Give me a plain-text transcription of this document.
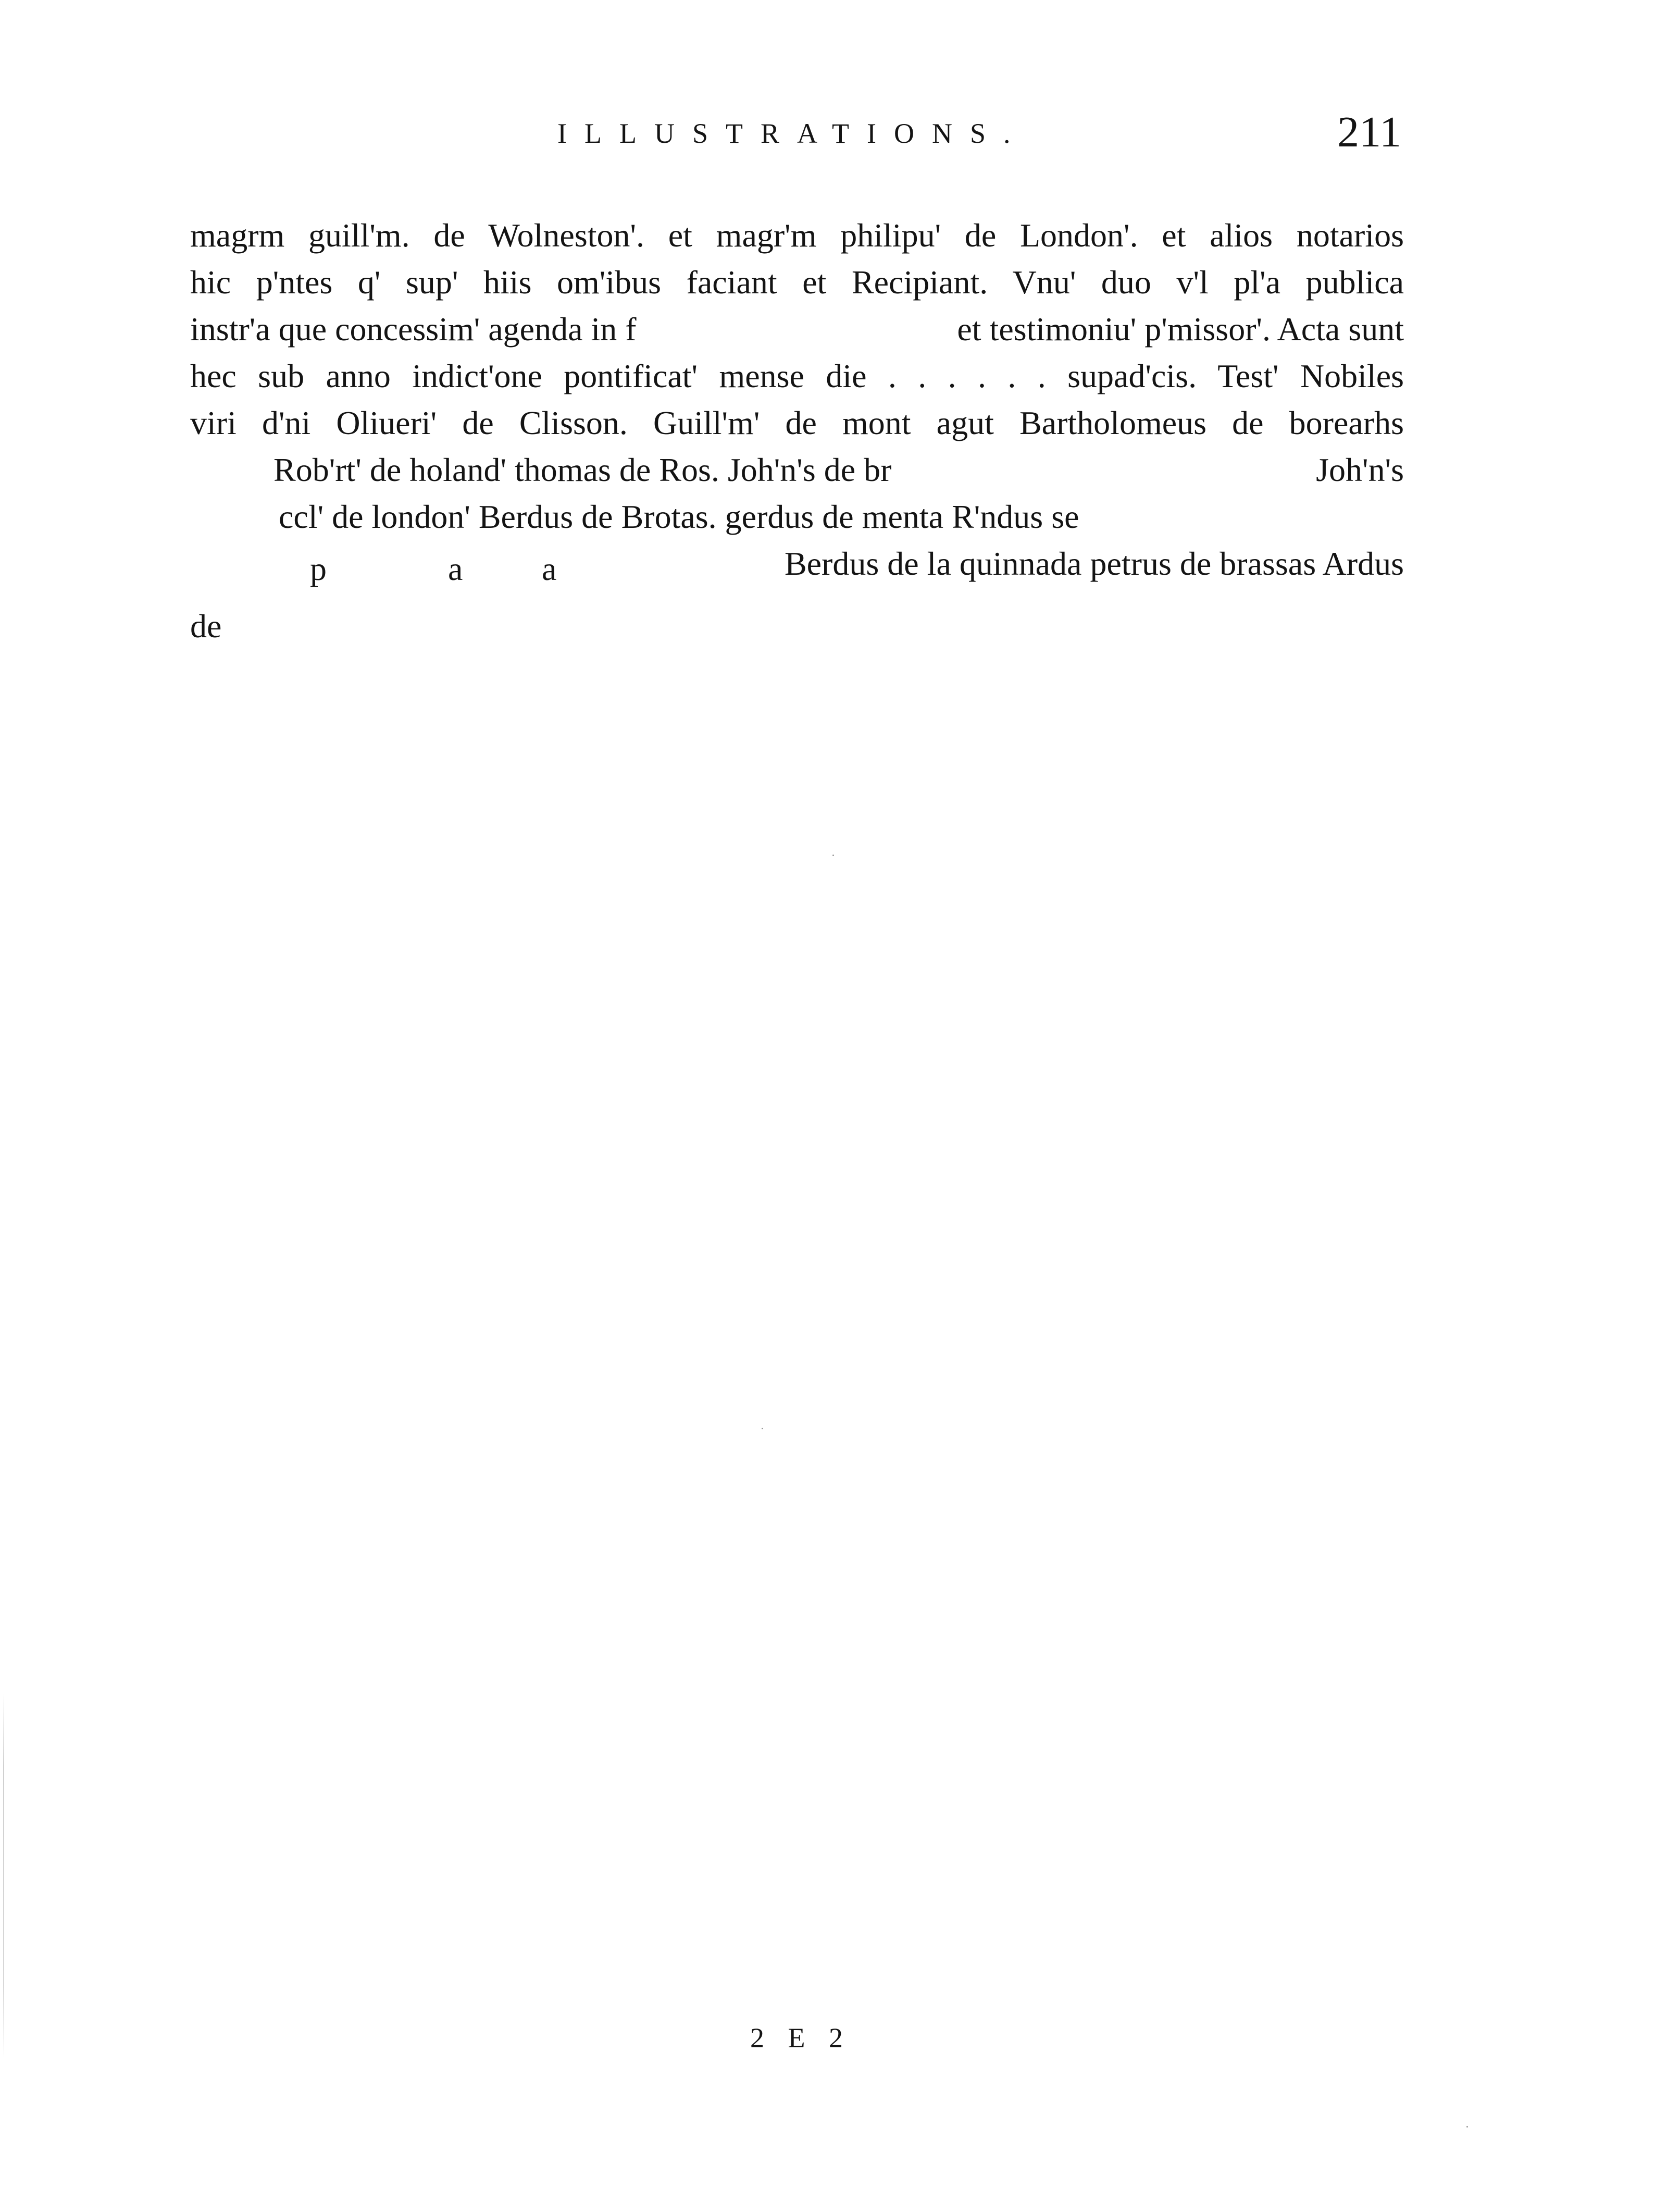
ILLUSTRATIONS.	211
magrm guill'm. de Wolneston'. et magr'm philipu' de London'. et alios notarios
hic p'ntes q' sup' hiis om'ibus faciant et Recipiant. Vnu' duo v'l pl'a publica
instr'a que concessim' agenda in f	et testimoniu' p'missor'. Acta sunt
hec sub anno indict'one pontificat' mense die . . . . . . supad'cis. Test' Nobiles
viri d'ni Oliueri' de Clisson. Guill'm' de mont agut Bartholomeus de borearhs
Rob'rt' de holand' thomas de Ros. Joh'n's de br	Joh'n's
ccl' de london' Berdus de Brotas. gerdus de menta R'ndus se
p	a a	Berdus de la quinnada petrus de brassas Ardus
de
2 E 2
